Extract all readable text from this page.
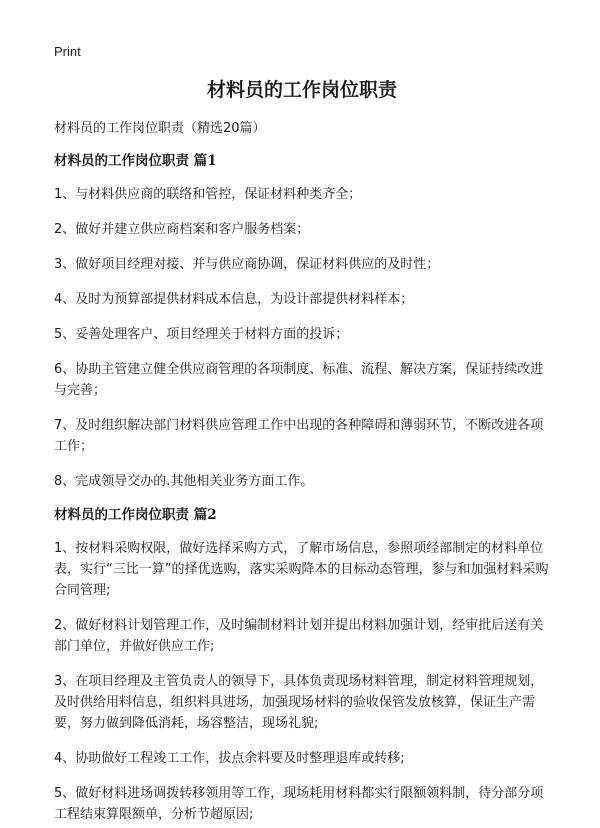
Print
材料员的工作岗位职责
材料员的工作岗位职责（精选20篇）
材料员的工作岗位职责 篇1

1、与材料供应商的联络和管控，保证材料种类齐全；

2、做好并建立供应商档案和客户服务档案；

3、做好项目经理对接、并与供应商协调，保证材料供应的及时性；

4、及时为预算部提供材料成本信息，为设计部提供材料样本；

5、妥善处理客户、项目经理关于材料方面的投诉；

6、协助主管建立健全供应商管理的各项制度、标准、流程、解决方案，保证持续改进与完善；

7、及时组织解决部门材料供应管理工作中出现的各种障碍和薄弱环节，不断改进各项工作；

8、完成领导交办的.其他相关业务方面工作。

材料员的工作岗位职责 篇2

1、按材料采购权限，做好选择采购方式，了解市场信息，参照项经部制定的材料单位表，实行“三比一算”的择优选购，落实采购降本的目标动态管理，参与和加强材料采购合同管理;

2、做好材料计划管理工作，及时编制材料计划并提出材料加强计划，经审批后送有关部门单位，并做好供应工作;

3、在项目经理及主管负责人的领导下，具体负责现场材料管理，制定材料管理规划，及时供给用料信息，组织料具进场，加强现场材料的验收保管发放核算，保证生产需要，努力做到降低消耗，场容整洁，现场礼貌;

4、协助做好工程竣工工作，拔点余料要及时整理退库或转移;

5、做好材料进场调拨转移领用等工作，现场耗用材料都实行限额领料制，待分部分项工程结束算限额单，分析节超原因;
